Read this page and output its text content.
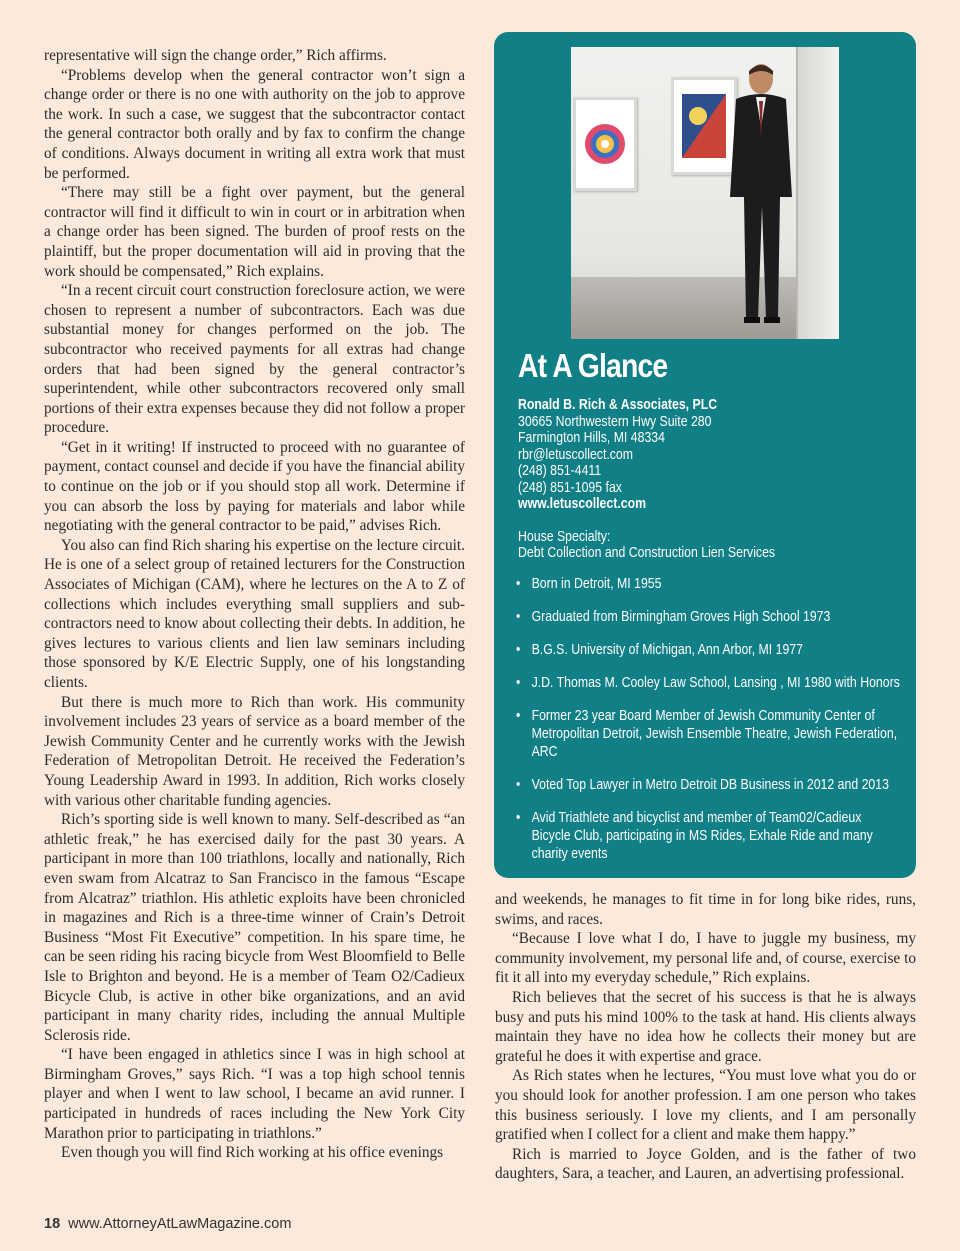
representative will sign the change order,” Rich affirms.

“Problems develop when the general contractor won’t sign a change order or there is no one with authority on the job to approve the work. In such a case, we suggest that the subcontractor contact the general contractor both orally and by fax to confirm the change of conditions. Always document in writing all extra work that must be performed.

“There may still be a fight over payment, but the general contractor will find it difficult to win in court or in arbitration when a change order has been signed. The burden of proof rests on the plaintiff, but the proper documentation will aid in proving that the work should be compensated,” Rich explains.

“In a recent circuit court construction foreclosure action, we were chosen to represent a number of subcontractors. Each was due substantial money for changes performed on the job. The subcontractor who received payments for all extras had change orders that had been signed by the general contractor’s superintendent, while other subcontractors recovered only small portions of their extra expenses because they did not follow a proper procedure.

“Get in it writing! If instructed to proceed with no guarantee of payment, contact counsel and decide if you have the financial ability to continue on the job or if you should stop all work. Determine if you can absorb the loss by paying for materials and labor while negotiating with the general contractor to be paid,” advises Rich.

You also can find Rich sharing his expertise on the lecture circuit. He is one of a select group of retained lecturers for the Construction Associates of Michigan (CAM), where he lectures on the A to Z of collections which includes everything small suppliers and sub-contractors need to know about collecting their debts. In addition, he gives lectures to various clients and lien law seminars including those sponsored by K/E Electric Supply, one of his longstanding clients.

But there is much more to Rich than work. His community involvement includes 23 years of service as a board member of the Jewish Community Center and he currently works with the Jewish Federation of Metropolitan Detroit. He received the Federation’s Young Leadership Award in 1993. In addition, Rich works closely with various other charitable funding agencies.

Rich’s sporting side is well known to many. Self-described as “an athletic freak,” he has exercised daily for the past 30 years. A participant in more than 100 triathlons, locally and nationally, Rich even swam from Alcatraz to San Francisco in the famous “Escape from Alcatraz” triathlon. His athletic exploits have been chronicled in magazines and Rich is a three-time winner of Crain’s Detroit Business “Most Fit Executive” competition. In his spare time, he can be seen riding his racing bicycle from West Bloomfield to Belle Isle to Brighton and beyond. He is a member of Team O2/Cadieux Bicycle Club, is active in other bike organizations, and an avid participant in many charity rides, including the annual Multiple Sclerosis ride.

“I have been engaged in athletics since I was in high school at Birmingham Groves,” says Rich. “I was a top high school tennis player and when I went to law school, I became an avid runner. I participated in hundreds of races including the New York City Marathon prior to participating in triathlons.”

Even though you will find Rich working at his office evenings

At A Glance
Ronald B. Rich & Associates, PLC
30665 Northwestern Hwy Suite 280
Farmington Hills, MI 48334
rbr@letuscollect.com
(248) 851-4411
(248) 851-1095 fax
www.letuscollect.com
House Specialty:
Debt Collection and Construction Lien Services
• Born in Detroit, MI 1955
• Graduated from Birmingham Groves High School 1973
• B.G.S. University of Michigan, Ann Arbor, MI 1977
• J.D. Thomas M. Cooley Law School, Lansing , MI 1980 with Honors
• Former 23 year Board Member of Jewish Community Center of Metropolitan Detroit, Jewish Ensemble Theatre, Jewish Federation, ARC
• Voted Top Lawyer in Metro Detroit DB Business in 2012 and 2013
• Avid Triathlete and bicyclist and member of Team02/Cadieux Bicycle Club, participating in MS Rides, Exhale Ride and many charity events

and weekends, he manages to fit time in for long bike rides, runs, swims, and races.

“Because I love what I do, I have to juggle my business, my community involvement, my personal life and, of course, exercise to fit it all into my everyday schedule,” Rich explains.

Rich believes that the secret of his success is that he is always busy and puts his mind 100% to the task at hand. His clients always maintain they have no idea how he collects their money but are grateful he does it with expertise and grace.

As Rich states when he lectures, “You must love what you do or you should look for another profession. I am one person who takes this business seriously. I love my clients, and I am personally gratified when I collect for a client and make them happy.”

Rich is married to Joyce Golden, and is the father of two daughters, Sara, a teacher, and Lauren, an advertising professional.

18 www.AttorneyAtLawMagazine.com
